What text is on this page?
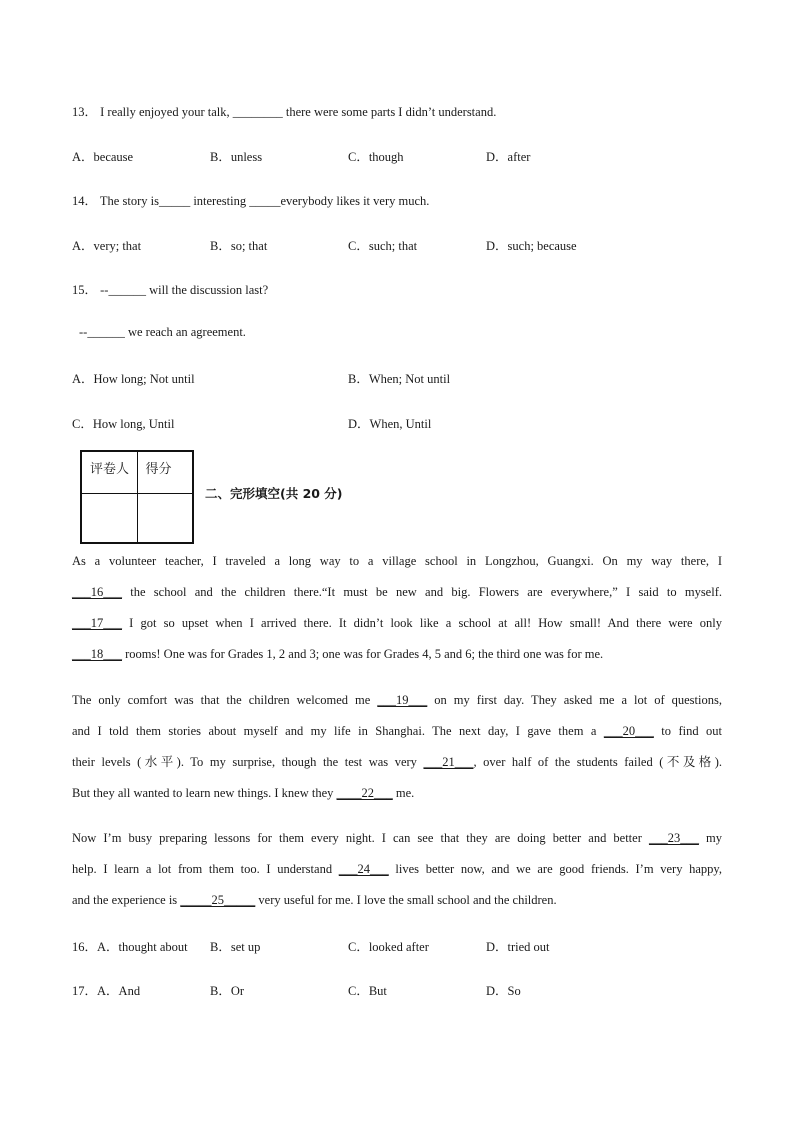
13． I really enjoyed your talk, ________ there were some parts I didn’t understand.
A．because	B．unless	C．though	D．after
14． The story is_____ interesting _____everybody likes it very much.
A．very; that	B．so; that	C．such; that	D．such; because
15． --______ will the discussion last?
--______ we reach an agreement.
A．How long; Not until	B．When; Not until
C．How long, Until	D．When, Until
评卷人	得分

二、完形填空(共 20 分)
As a volunteer teacher, I traveled a long way to a village school in Longzhou, Guangxi. On my way there, I
___16___ the school and the children there.“It must be new and big. Flowers are everywhere,” I said to myself.
___17___ I got so upset when I arrived there. It didn’t look like a school at all! How small! And there were only
___18___ rooms! One was for Grades 1, 2 and 3; one was for Grades 4, 5 and 6; the third one was for me.
The only comfort was that the children welcomed me ___19___ on my first day. They asked me a lot of questions,
and I told them stories about myself and my life in Shanghai. The next day, I gave them a ___20___ to find out
their levels (水平). To my surprise, though the test was very ___21___, over half of the students failed (不及格).
But they all wanted to learn new things. I knew they ____22___ me.
Now I’m busy preparing lessons for them every night. I can see that they are doing better and better ___23___ my
help. I learn a lot from them too. I understand ___24___ lives better now, and we are good friends. I’m very happy,
and the experience is _____25_____ very useful for me. I love the small school and the children.
16．A．thought about B．set up	C．looked after	D．tried out
17．A．And	B．Or	C．But	D．So
